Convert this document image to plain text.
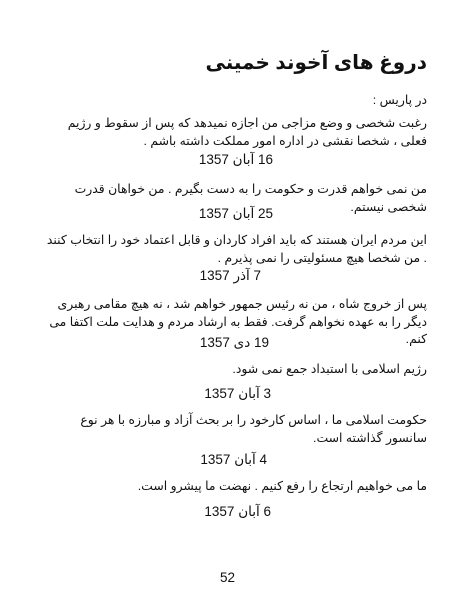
دروغ های آخوند خمینی

در پاریس :

رغبت شخصی و وضع مزاجی من اجازه نمیدهد که پس از سقوط و رژیم فعلی ، شخصا نقشی در اداره امور مملکت داشته باشم .

16 آبان 1357

من نمی خواهم قدرت و حکومت را به دست بگیرم . من خواهان قدرت شخصی نیستم.

25 آبان 1357

این مردم ایران هستند که باید افراد کاردان و قابل اعتماد خود را انتخاب کنند . من شخصا هیچ مسئولیتی را نمی پذیرم .

7 آذر 1357

پس از خروج شاه ، من نه رئیس جمهور خواهم شد ، نه هیچ مقامی رهبری دیگر را به عهده نخواهم گرفت. فقط به ارشاد مردم و هدایت ملت اکتفا می کنم.

19 دی 1357

رژیم اسلامی با استبداد جمع نمی شود.

3 آبان 1357

حکومت اسلامی ما ، اساس کارخود را بر بحث آزاد و مبارزه با هر نوع سانسور گذاشته است.

4 آبان 1357

ما می خواهیم ارتجاع را رفع کنیم . نهضت ما پیشرو است.

6 آبان 1357
52
